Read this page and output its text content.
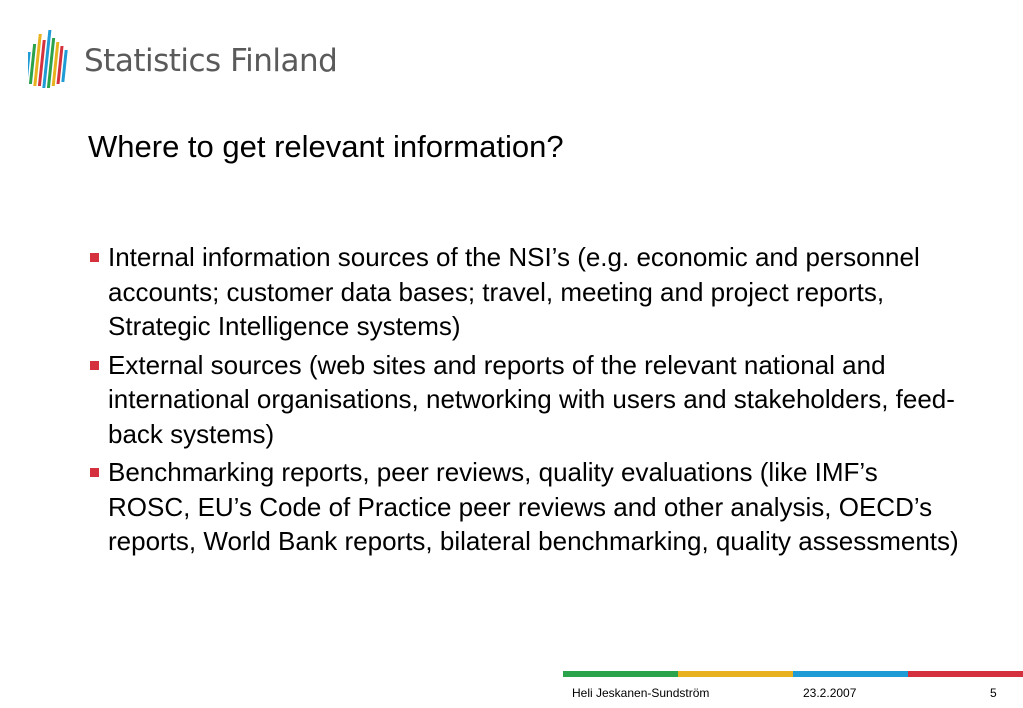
Statistics Finland
Where to get relevant information?
Internal information sources of the NSI’s (e.g. economic and personnel accounts; customer data bases; travel, meeting and project reports, Strategic Intelligence systems)
External sources (web sites and reports of the relevant national and international organisations, networking with users and stakeholders, feed-back systems)
Benchmarking reports, peer reviews, quality evaluations (like IMF’s ROSC, EU’s Code of Practice peer reviews and other analysis, OECD’s reports, World Bank reports, bilateral benchmarking, quality assessments)
Heli Jeskanen-Sundström	23.2.2007	5
